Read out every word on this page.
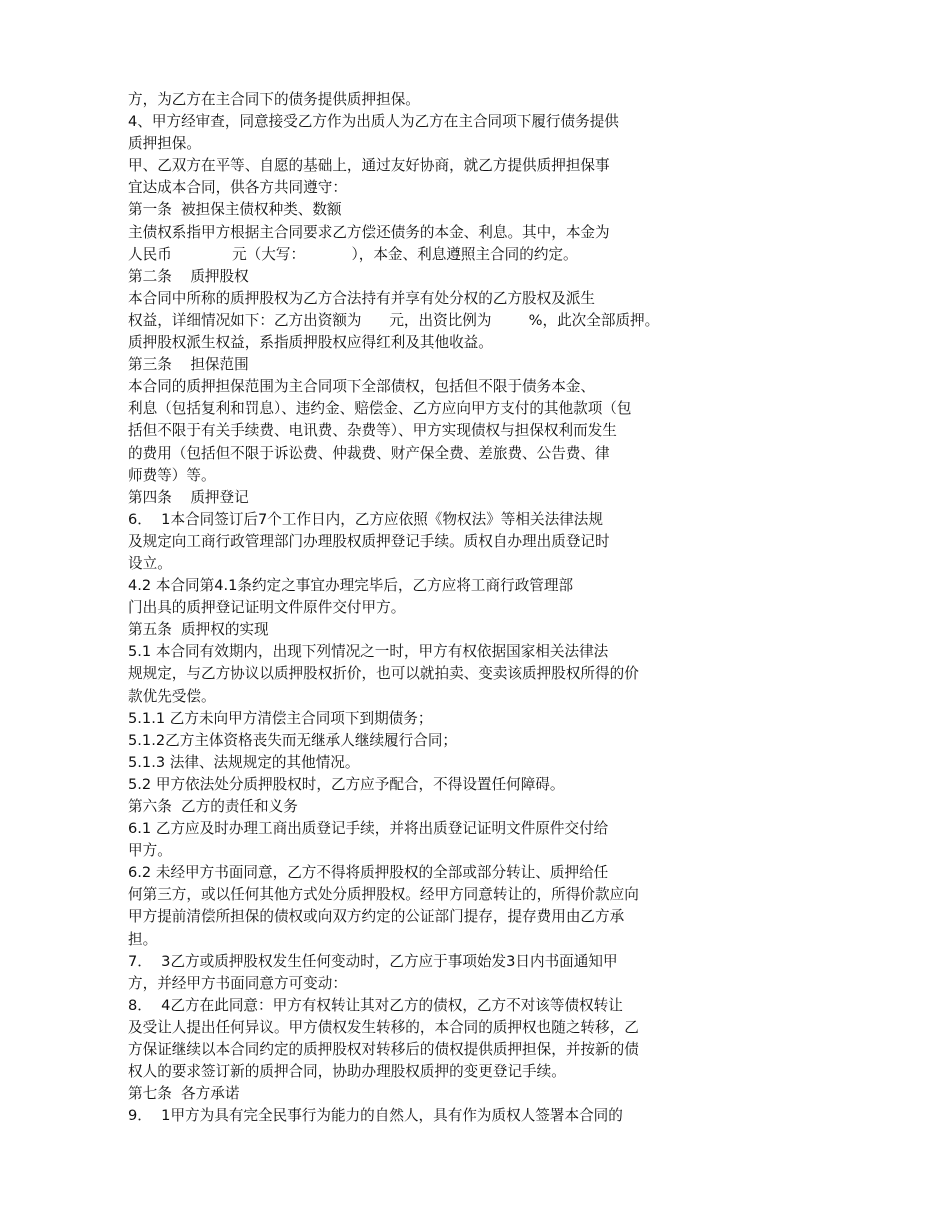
方，为乙方在主合同下的债务提供质押担保。
4、甲方经审查，同意接受乙方作为出质人为乙方在主合同项下履行债务提供
质押担保。
甲、乙双方在平等、自愿的基础上，通过友好协商，就乙方提供质押担保事
宜达成本合同，供各方共同遵守：
第一条  被担保主债权种类、数额
主债权系指甲方根据主合同要求乙方偿还债务的本金、利息。其中，本金为
人民币             元（大写：          ），本金、利息遵照主合同的约定。
第二条    质押股权
本合同中所称的质押股权为乙方合法持有并享有处分权的乙方股权及派生
权益，详细情况如下：乙方出资额为      元，出资比例为        %，此次全部质押。
质押股权派生权益，系指质押股权应得红利及其他收益。
第三条    担保范围
本合同的质押担保范围为主合同项下全部债权，包括但不限于债务本金、
利息（包括复利和罚息）、违约金、赔偿金、乙方应向甲方支付的其他款项（包
括但不限于有关手续费、电讯费、杂费等）、甲方实现债权与担保权利而发生
的费用（包括但不限于诉讼费、仲裁费、财产保全费、差旅费、公告费、律
师费等）等。
第四条    质押登记
6．  1本合同签订后7个工作日内，乙方应依照《物权法》等相关法律法规
及规定向工商行政管理部门办理股权质押登记手续。质权自办理出质登记时
设立。
4.2 本合同第4.1条约定之事宜办理完毕后，乙方应将工商行政管理部
门出具的质押登记证明文件原件交付甲方。
第五条  质押权的实现
5.1 本合同有效期内，出现下列情况之一时，甲方有权依据国家相关法律法
规规定，与乙方协议以质押股权折价，也可以就拍卖、变卖该质押股权所得的价
款优先受偿。
5.1.1 乙方未向甲方清偿主合同项下到期债务；
5.1.2乙方主体资格丧失而无继承人继续履行合同；
5.1.3 法律、法规规定的其他情况。
5.2 甲方依法处分质押股权时，乙方应予配合，不得设置任何障碍。
第六条  乙方的责任和义务
6.1 乙方应及时办理工商出质登记手续，并将出质登记证明文件原件交付给
甲方。
6.2 未经甲方书面同意，乙方不得将质押股权的全部或部分转让、质押给任
何第三方，或以任何其他方式处分质押股权。经甲方同意转让的，所得价款应向
甲方提前清偿所担保的债权或向双方约定的公证部门提存，提存费用由乙方承
担。
7．  3乙方或质押股权发生任何变动时，乙方应于事项始发3日内书面通知甲
方，并经甲方书面同意方可变动：
8．  4乙方在此同意：甲方有权转让其对乙方的债权，乙方不对该等债权转让
及受让人提出任何异议。甲方债权发生转移的，本合同的质押权也随之转移，乙
方保证继续以本合同约定的质押股权对转移后的债权提供质押担保，并按新的债
权人的要求签订新的质押合同，协助办理股权质押的变更登记手续。
第七条  各方承诺
9．  1甲方为具有完全民事行为能力的自然人，具有作为质权人签署本合同的
